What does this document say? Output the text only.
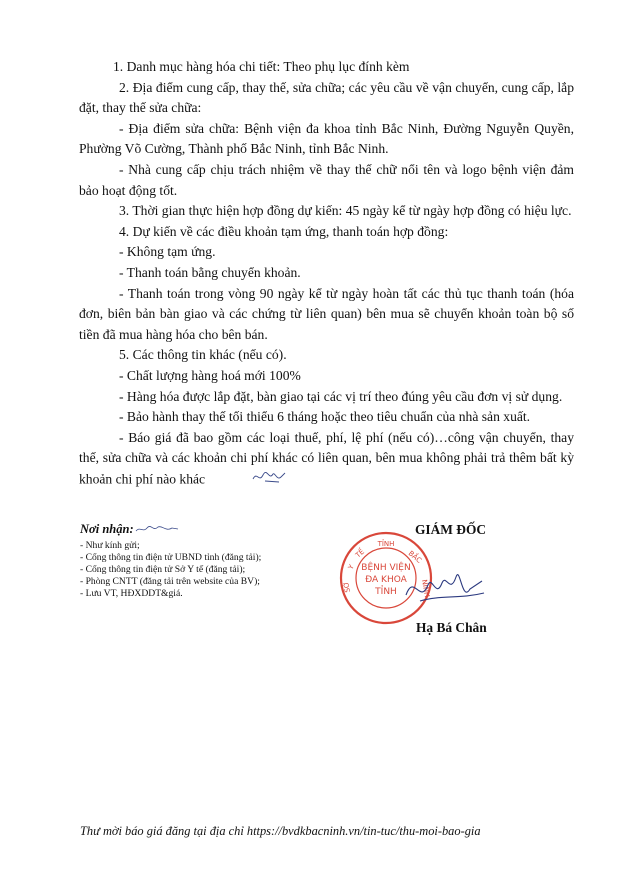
1. Danh mục hàng hóa chi tiết: Theo phụ lục đính kèm

2. Địa điểm cung cấp, thay thế, sửa chữa; các yêu cầu về vận chuyển, cung cấp, lắp đặt, thay thế sửa chữa:

- Địa điểm sửa chữa: Bệnh viện đa khoa tỉnh Bắc Ninh, Đường Nguyễn Quyền, Phường Võ Cường, Thành phố Bắc Ninh, tỉnh Bắc Ninh.

- Nhà cung cấp chịu trách nhiệm về thay thế chữ nổi tên và logo bệnh viện đảm bảo hoạt động tốt.

3. Thời gian thực hiện hợp đồng dự kiến: 45 ngày kể từ ngày hợp đồng có hiệu lực.

4. Dự kiến về các điều khoản tạm ứng, thanh toán hợp đồng:

- Không tạm ứng.

- Thanh toán bằng chuyển khoản.

- Thanh toán trong vòng 90 ngày kể từ ngày hoàn tất các thủ tục thanh toán (hóa đơn, biên bản bàn giao và các chứng từ liên quan) bên mua sẽ chuyển khoản toàn bộ số tiền đã mua hàng hóa cho bên bán.

5. Các thông tin khác (nếu có).

- Chất lượng hàng hoá mới 100%

- Hàng hóa được lắp đặt, bàn giao tại các vị trí theo đúng yêu cầu đơn vị sử dụng.

- Bảo hành thay thế tối thiểu 6 tháng hoặc theo tiêu chuẩn của nhà sản xuất.

- Báo giá đã bao gồm các loại thuế, phí, lệ phí (nếu có)…công vận chuyển, thay thế, sửa chữa và các khoản chi phí khác có liên quan, bên mua không phải trả thêm bất kỳ khoản chi phí nào khác

Nơi nhận:

- Như kính gửi;

- Cổng thông tin điện tử UBND tỉnh (đăng tải);

- Cổng thông tin điện tử Sở Y tế (đăng tải);

- Phòng CNTT (đăng tải trên website của BV);

- Lưu VT, HĐXDDT&giá.

GIÁM ĐỐC
TỈNH
Y
TẾ	BẮC
NINH
SỞ
BỆNH VIỆN
ĐA KHOA
TỈNH
Hạ Bá Chân
Thư mời báo giá đăng tại địa chỉ https://bvdkbacninh.vn/tin-tuc/thu-moi-bao-gia
